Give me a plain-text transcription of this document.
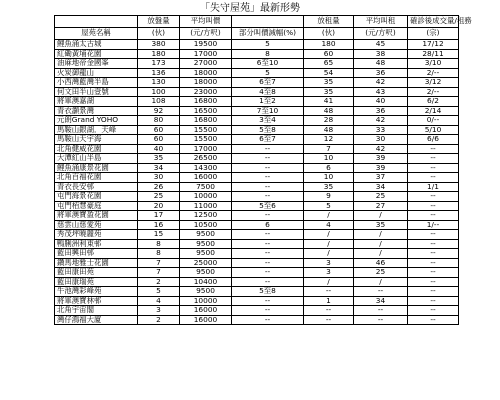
「失守屋苑」最新形勢
	放盤量	平均叫價		放租量	平均叫租	確診後成交量/租務
屋苑名稱	(伙)	(元/方呎)	部分叫價減幅(%)	(伙)	(元/方呎)	(宗)
鯉魚涌太古城	380	19500	5	180	45	17/12
紅磡黃埔花園	180	17000	8	60	38	28/11
油麻地帝金國峯	173	27000	6至10	65	48	3/10
火炭御龍山	136	18000	5	54	36	2/--
小西灣藍灣半島	130	18000	6至7	35	42	3/12
何文田半山壹號	100	23000	4至8	35	43	2/--
將軍澳嘉湖	108	16800	1至2	41	40	6/2
青衣灝景灣	92	16500	7至10	48	36	2/14
元朗Grand YOHO	80	16800	3至4	28	42	0/--
馬鞍山銀湖．天峰	60	15500	5至8	48	33	5/10
馬鞍山天宇海	60	15500	6至7	12	30	6/6
北角健威花園	40	17000	--	7	42	--
大潭紅山半島	35	26500	--	10	39	--
鯉魚涌康景花園	34	14300	--	6	39	--
北角百福花園	30	16000	--	10	37	--
青衣長安邨	26	7500	--	35	34	1/1
屯門海景花園	25	10000	--	9	25	--
屯門栢慧豪庭	20	11000	5至6	5	27	--
將軍澳寶盈花園	17	12500	--	/	/	--
慈雲山慈愛苑	16	10500	6	4	35	1/--
秀茂坪曉麗苑	15	9500	--	/	/	--
鴨脷洲利東邨	8	9500	--	/	/	--
藍田興田邨	8	9500	--	/	/	--
鑽馬地雅士花園	7	25000	--	3	46	--
藍田康田苑	7	9500	--	3	25	--
藍田康瑞苑	2	10400	--	/	/	--
牛池灣彩峰苑	5	9500	5至8	--	--	--
將軍澳寶林邨	4	10000	--	1	34	--
北角宇宙閣	3	16000	--	--	--	--
灣仔鴻福大廈	2	16000	--	--	--	--
